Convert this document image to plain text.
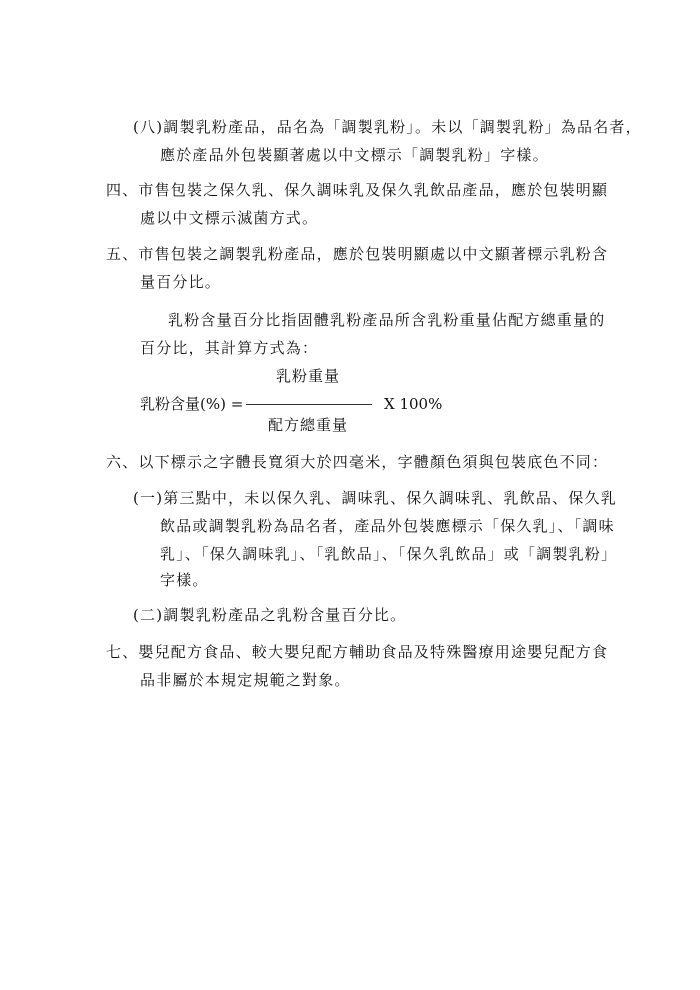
(八)調製乳粉產品，品名為「調製乳粉」。未以「調製乳粉」為品名者，
應於產品外包裝顯著處以中文標示「調製乳粉」字樣。
四、市售包裝之保久乳、保久調味乳及保久乳飲品產品，應於包裝明顯
處以中文標示滅菌方式。
五、市售包裝之調製乳粉產品，應於包裝明顯處以中文顯著標示乳粉含
量百分比。
乳粉含量百分比指固體乳粉產品所含乳粉重量佔配方總重量的
百分比，其計算方式為：
乳粉重量
乳粉含量(%) =	X 100%
配方總重量
六、以下標示之字體長寬須大於四毫米，字體顏色須與包裝底色不同：
(一)第三點中，未以保久乳、調味乳、保久調味乳、乳飲品、保久乳
飲品或調製乳粉為品名者，產品外包裝應標示「保久乳」、「調味
乳」、「保久調味乳」、「乳飲品」、「保久乳飲品」或「調製乳粉」
字樣。
(二)調製乳粉產品之乳粉含量百分比。
七、嬰兒配方食品、較大嬰兒配方輔助食品及特殊醫療用途嬰兒配方食
品非屬於本規定規範之對象。
